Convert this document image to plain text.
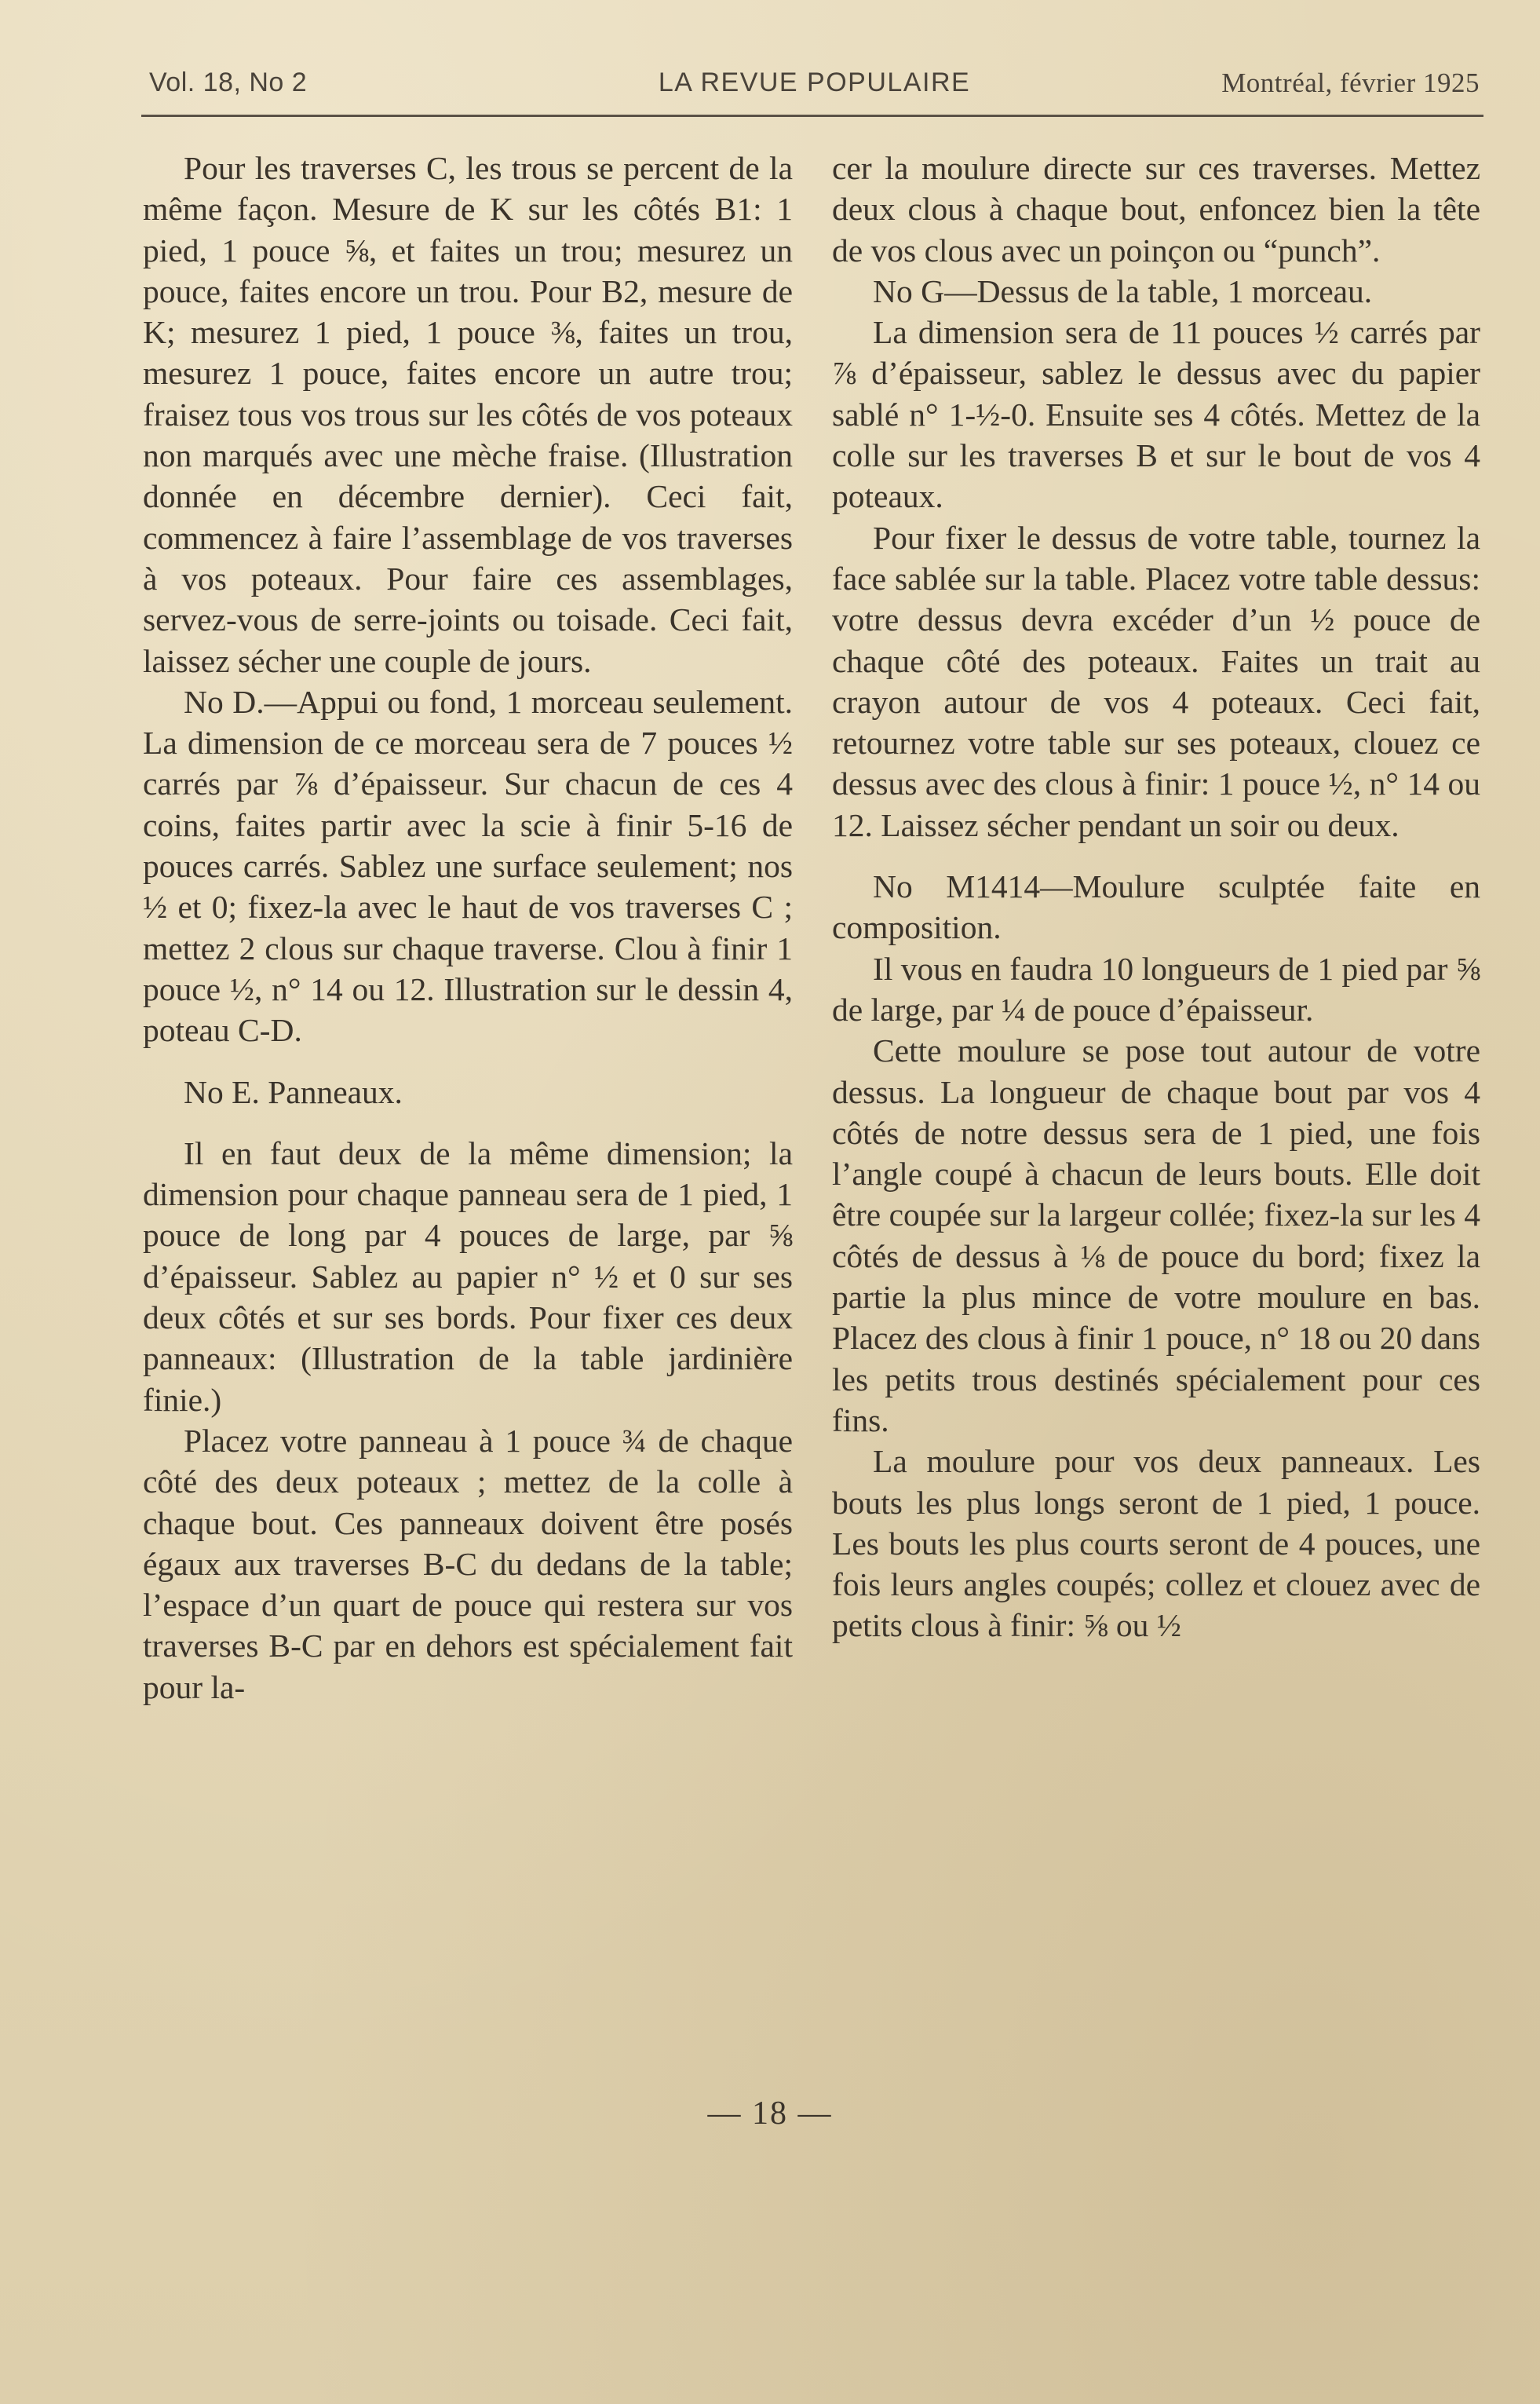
Vol. 18, No 2	LA REVUE POPULAIRE	Montréal, février 1925

Pour les traverses C, les trous se percent de la même façon. Mesure de K sur les côtés B1: 1 pied, 1 pouce ⅝, et faites un trou; mesurez un pouce, faites encore un trou. Pour B2, mesure de K; mesurez 1 pied, 1 pouce ⅜, faites un trou, mesurez 1 pouce, faites encore un autre trou; fraisez tous vos trous sur les côtés de vos poteaux non marqués avec une mèche fraise. (Illustration donnée en décembre dernier). Ceci fait, commencez à faire l’assemblage de vos traverses à vos poteaux. Pour faire ces assemblages, servez-vous de serre-joints ou toisade. Ceci fait, laissez sécher une couple de jours.

No D.—Appui ou fond, 1 morceau seulement. La dimension de ce morceau sera de 7 pouces ½ carrés par ⅞ d’épaisseur. Sur chacun de ces 4 coins, faites partir avec la scie à finir 5-16 de pouces carrés. Sablez une surface seulement; nos ½ et 0; fixez-la avec le haut de vos traverses C ; mettez 2 clous sur chaque traverse. Clou à finir 1 pouce ½, n° 14 ou 12. Illustration sur le dessin 4, poteau C-D.

No E. Panneaux.

Il en faut deux de la même dimension; la dimension pour chaque panneau sera de 1 pied, 1 pouce de long par 4 pouces de large, par ⅝ d’épaisseur. Sablez au papier n° ½ et 0 sur ses deux côtés et sur ses bords. Pour fixer ces deux panneaux: (Illustration de la table jardinière finie.)

Placez votre panneau à 1 pouce ¾ de chaque côté des deux poteaux ; mettez de la colle à chaque bout. Ces panneaux doivent être posés égaux aux traverses B-C du dedans de la table; l’espace d’un quart de pouce qui restera sur vos traverses B-C par en dehors est spécialement fait pour la-

cer la moulure directe sur ces traverses. Mettez deux clous à chaque bout, enfoncez bien la tête de vos clous avec un poinçon ou “punch”.

No G—Dessus de la table, 1 morceau.

La dimension sera de 11 pouces ½ carrés par ⅞ d’épaisseur, sablez le dessus avec du papier sablé n° 1-½-0. Ensuite ses 4 côtés. Mettez de la colle sur les traverses B et sur le bout de vos 4 poteaux.

Pour fixer le dessus de votre table, tournez la face sablée sur la table. Placez votre table dessus: votre dessus devra excéder d’un ½ pouce de chaque côté des poteaux. Faites un trait au crayon autour de vos 4 poteaux. Ceci fait, retournez votre table sur ses poteaux, clouez ce dessus avec des clous à finir: 1 pouce ½, n° 14 ou 12. Laissez sécher pendant un soir ou deux.

No M1414—Moulure sculptée faite en composition.

Il vous en faudra 10 longueurs de 1 pied par ⅝ de large, par ¼ de pouce d’épaisseur.

Cette moulure se pose tout autour de votre dessus. La longueur de chaque bout par vos 4 côtés de notre dessus sera de 1 pied, une fois l’angle coupé à chacun de leurs bouts. Elle doit être coupée sur la largeur collée; fixez-la sur les 4 côtés de dessus à ⅛ de pouce du bord; fixez la partie la plus mince de votre moulure en bas. Placez des clous à finir 1 pouce, n° 18 ou 20 dans les petits trous destinés spécialement pour ces fins.

La moulure pour vos deux panneaux. Les bouts les plus longs seront de 1 pied, 1 pouce. Les bouts les plus courts seront de 4 pouces, une fois leurs angles coupés; collez et clouez avec de petits clous à finir: ⅝ ou ½

— 18 —
